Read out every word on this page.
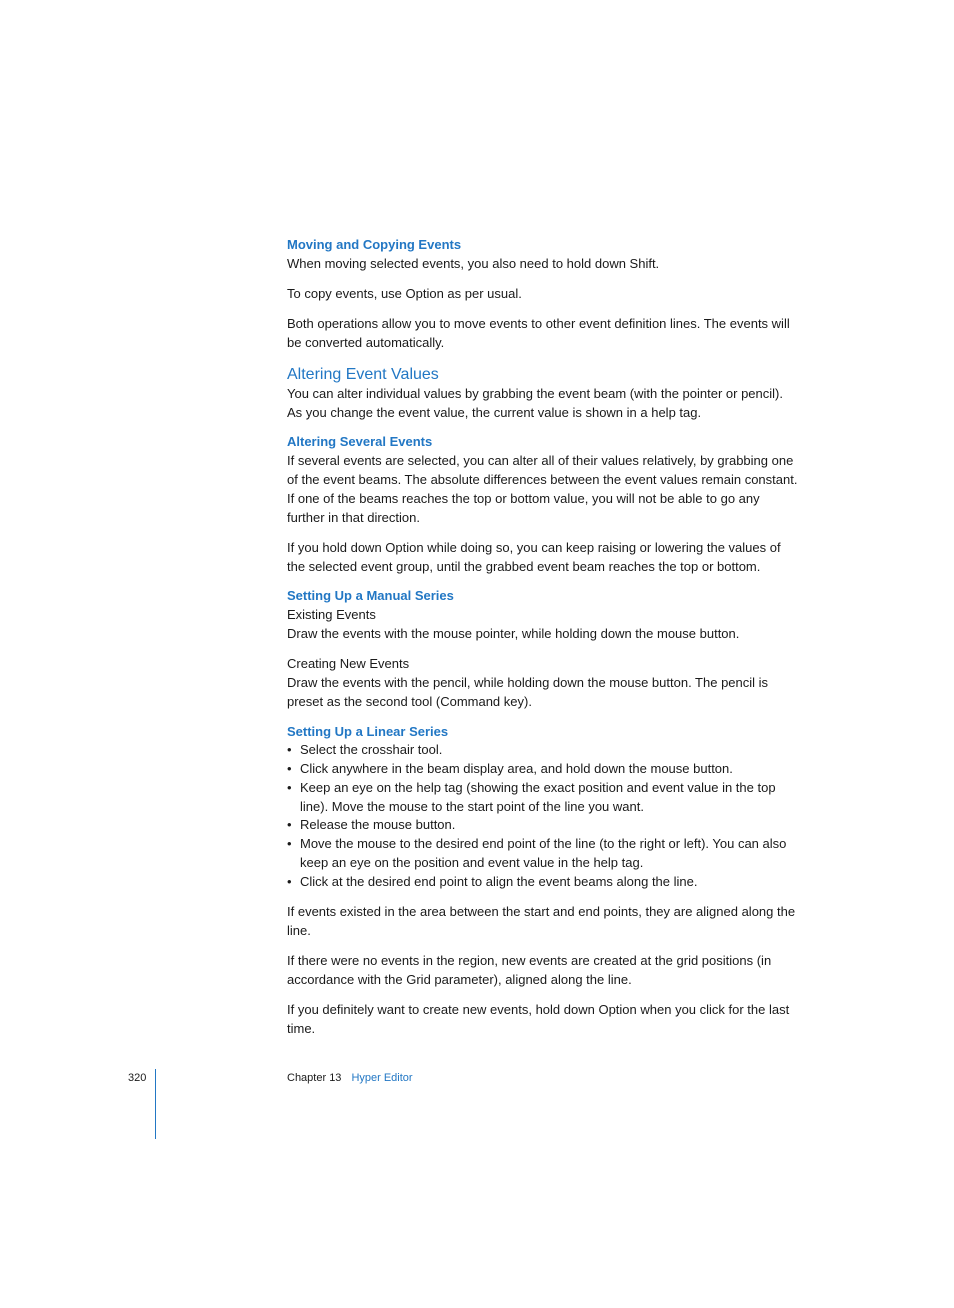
Moving and Copying Events

When moving selected events, you also need to hold down Shift.

To copy events, use Option as per usual.

Both operations allow you to move events to other event definition lines. The events will be converted automatically.

Altering Event Values

You can alter individual values by grabbing the event beam (with the pointer or pencil). As you change the event value, the current value is shown in a help tag.

Altering Several Events

If several events are selected, you can alter all of their values relatively, by grabbing one of the event beams. The absolute differences between the event values remain constant. If one of the beams reaches the top or bottom value, you will not be able to go any further in that direction.

If you hold down Option while doing so, you can keep raising or lowering the values of the selected event group, until the grabbed event beam reaches the top or bottom.

Setting Up a Manual Series
Existing Events

Draw the events with the mouse pointer, while holding down the mouse button.

Creating New Events

Draw the events with the pencil, while holding down the mouse button. The pencil is preset as the second tool (Command key).

Setting Up a Linear Series
• Select the crosshair tool.
• Click anywhere in the beam display area, and hold down the mouse button.
• Keep an eye on the help tag (showing the exact position and event value in the top line). Move the mouse to the start point of the line you want.
• Release the mouse button.
• Move the mouse to the desired end point of the line (to the right or left). You can also keep an eye on the position and event value in the help tag.
• Click at the desired end point to align the event beams along the line.

If events existed in the area between the start and end points, they are aligned along the line.

If there were no events in the region, new events are created at the grid positions (in accordance with the Grid parameter), aligned along the line.

If you definitely want to create new events, hold down Option when you click for the last time.

320	Chapter 13 Hyper Editor
